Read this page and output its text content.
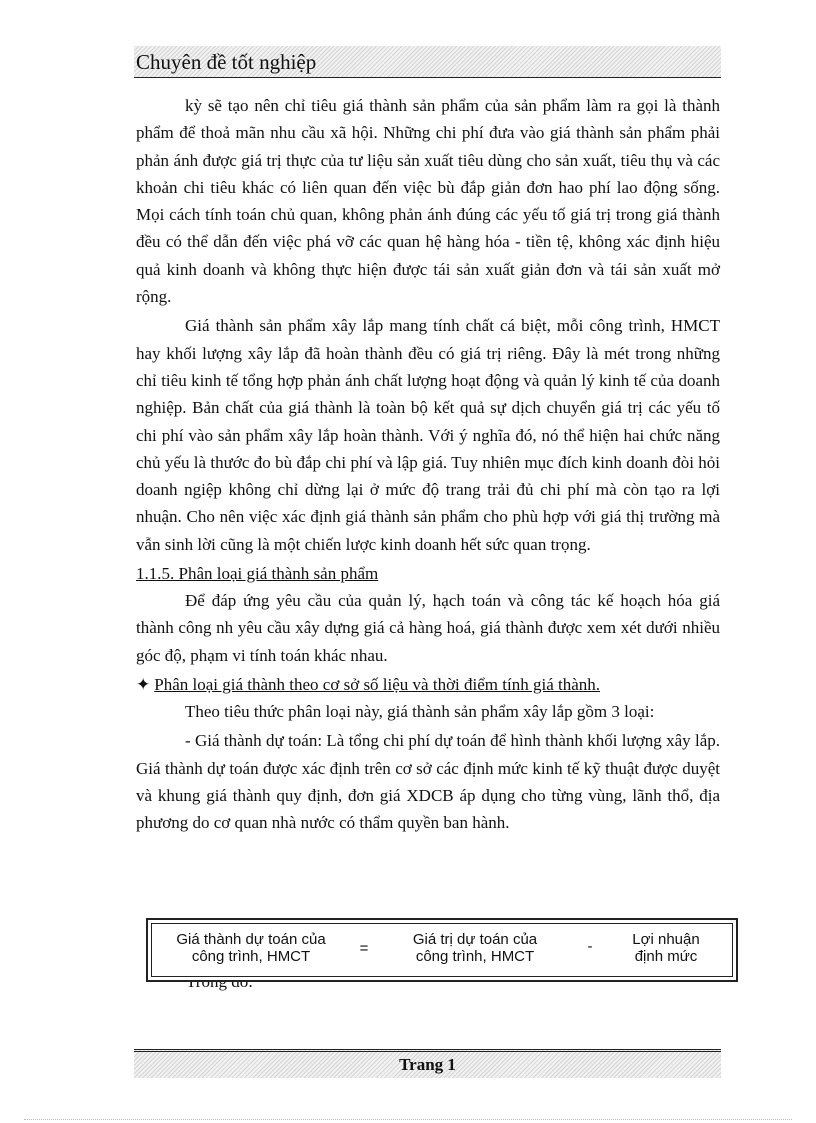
Chuyên đề tốt nghiệp

kỳ sẽ tạo nên chỉ tiêu giá thành sản phẩm của sản phẩm làm ra gọi là thành phẩm để thoả mãn nhu cầu xã hội. Những chi phí đưa vào giá thành sản phẩm phải phản ánh được giá trị thực của tư liệu sản xuất tiêu dùng cho sản xuất, tiêu thụ và các khoản chi tiêu khác có liên quan đến việc bù đắp giản đơn hao phí lao động sống. Mọi cách tính toán chủ quan, không phản ánh đúng các yếu tố giá trị trong giá thành đều có thể dẫn đến việc phá vỡ các quan hệ hàng hóa - tiền tệ, không xác định hiệu quả kinh doanh và không thực hiện được tái sản xuất giản đơn và tái sản xuất mở rộng.

Giá thành sản phẩm xây lắp mang tính chất cá biệt, mỗi công trình, HMCT hay khối lượng xây lắp đã hoàn thành đều có giá trị riêng. Đây là mét trong những chỉ tiêu kinh tế tổng hợp phản ánh chất lượng hoạt động và quản lý kinh tế của doanh nghiệp. Bản chất của giá thành là toàn bộ kết quả sự dịch chuyển giá trị các yếu tố chi phí vào sản phẩm xây lắp hoàn thành. Với ý nghĩa đó, nó thể hiện hai chức năng chủ yếu là thước đo bù đắp chi phí và lập giá. Tuy nhiên mục đích kinh doanh đòi hỏi doanh ngiệp không chỉ dừng lại ở mức độ trang trải đủ chi phí mà còn tạo ra lợi nhuận. Cho nên việc xác định giá thành sản phẩm cho phù hợp với giá thị trường mà vẫn sinh lời cũng là một chiến lược kinh doanh hết sức quan trọng.

1.1.5. Phân loại giá thành sản phẩm

Để đáp ứng yêu cầu của quản lý, hạch toán và công tác kế hoạch hóa giá thành công nh yêu cầu xây dựng giá cả hàng hoá, giá thành được xem xét dưới nhiều góc độ, phạm vi tính toán khác nhau.

✦ Phân loại giá thành theo cơ sở số liệu và thời điểm tính giá thành.

Theo tiêu thức phân loại này, giá thành sản phẩm xây lắp gồm 3 loại:

- Giá thành dự toán: Là tổng chi phí dự toán để hình thành khối lượng xây lắp. Giá thành dự toán được xác định trên cơ sở các định mức kinh tế kỹ thuật được duyệt và khung giá thành quy định, đơn giá XDCB áp dụng cho từng vùng, lãnh thổ, địa phương do cơ quan nhà nước có thẩm quyền ban hành.

Giá thành dự toán của
công trình, HMCT	=
Giá trị dự toán của
công trình, HMCT
-	Lợi nhuận
định mức
Trang 1
